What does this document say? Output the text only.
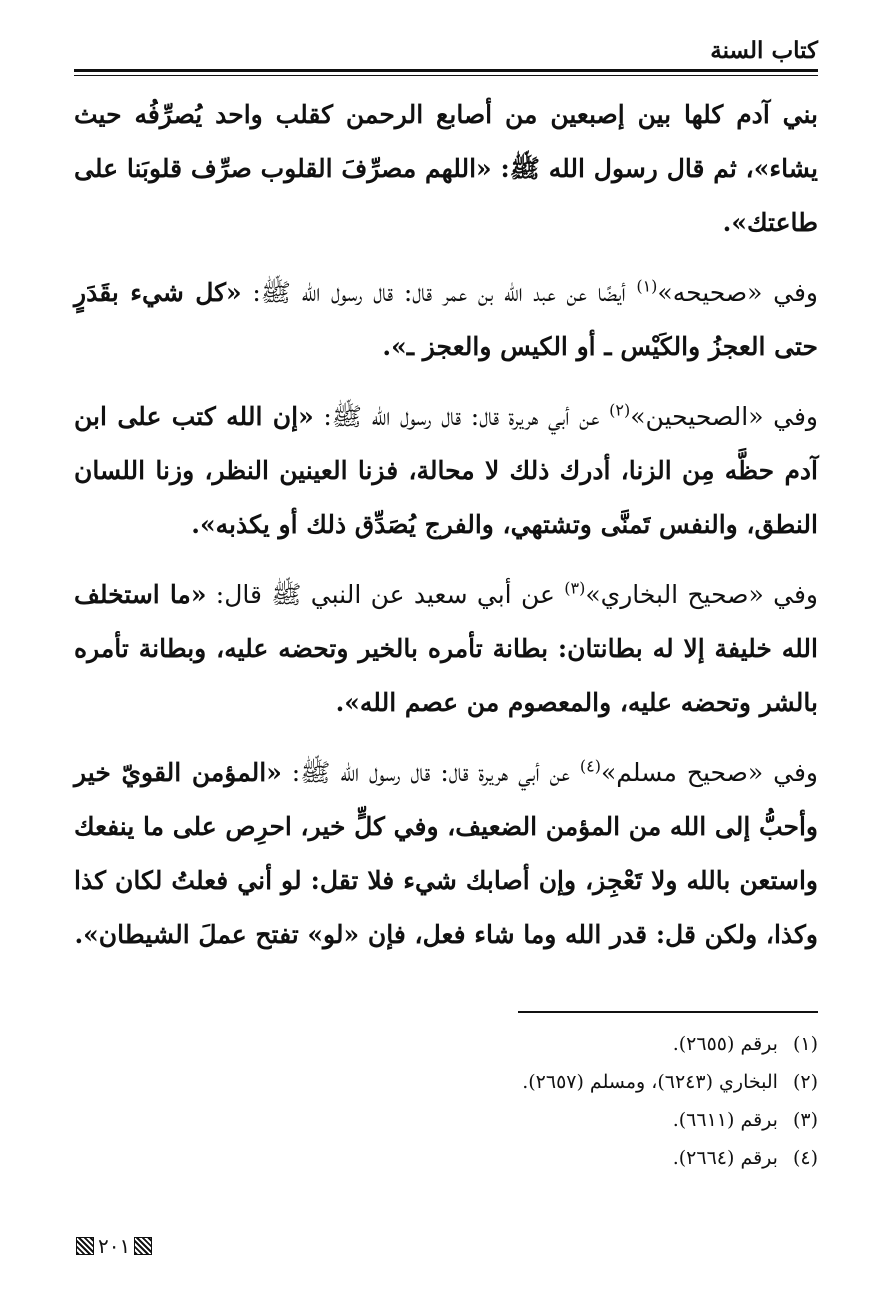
كتاب السنة

بني آدم كلها بين إصبعين من أصابع الرحمن كقلب واحد يُصرِّفُه حيث يشاء»، ثم قال رسول الله ﷺ: «اللهم مصرِّفَ القلوب صرِّف قلوبَنا على طاعتك».

وفي «صحيحه»$^{(١)}$ أيضًا عن عبد الله بن عمر قال: قال رسول الله ﷺ: «كل شيء بقَدَرٍ حتى العجزُ والكَيْس ـ أو الكيس والعجز ـ».

وفي «الصحيحين»$^{(٢)}$ عن أبي هريرة قال: قال رسول الله ﷺ: «إن الله كتب على ابن آدم حظَّه مِن الزنا، أدرك ذلك لا محالة، فزنا العينين النظر، وزنا اللسان النطق، والنفس تَمنَّى وتشتهي، والفرج يُصَدِّق ذلك أو يكذبه».

وفي «صحيح البخاري»$^{(٣)}$ عن أبي سعيد عن النبي ﷺ قال: «ما استخلف الله خليفة إلا له بطانتان: بطانة تأمره بالخير وتحضه عليه، وبطانة تأمره بالشر وتحضه عليه، والمعصوم من عصم الله».

وفي «صحيح مسلم»$^{(٤)}$ عن أبي هريرة قال: قال رسول الله ﷺ: «المؤمن القويّ خير وأحبُّ إلى الله من المؤمن الضعيف، وفي كلٍّ خير، احرِص على ما ينفعك واستعن بالله ولا تَعْجِز، وإن أصابك شيء فلا تقل: لو أني فعلتُ لكان كذا وكذا، ولكن قل: قدر الله وما شاء فعل، فإن «لو» تفتح عملَ الشيطان».

(١) برقم (٢٦٥٥).
(٢) البخاري (٦٢٤٣)، ومسلم (٢٦٥٧).
(٣) برقم (٦٦١١).
(٤) برقم (٢٦٦٤).
٢٠١
